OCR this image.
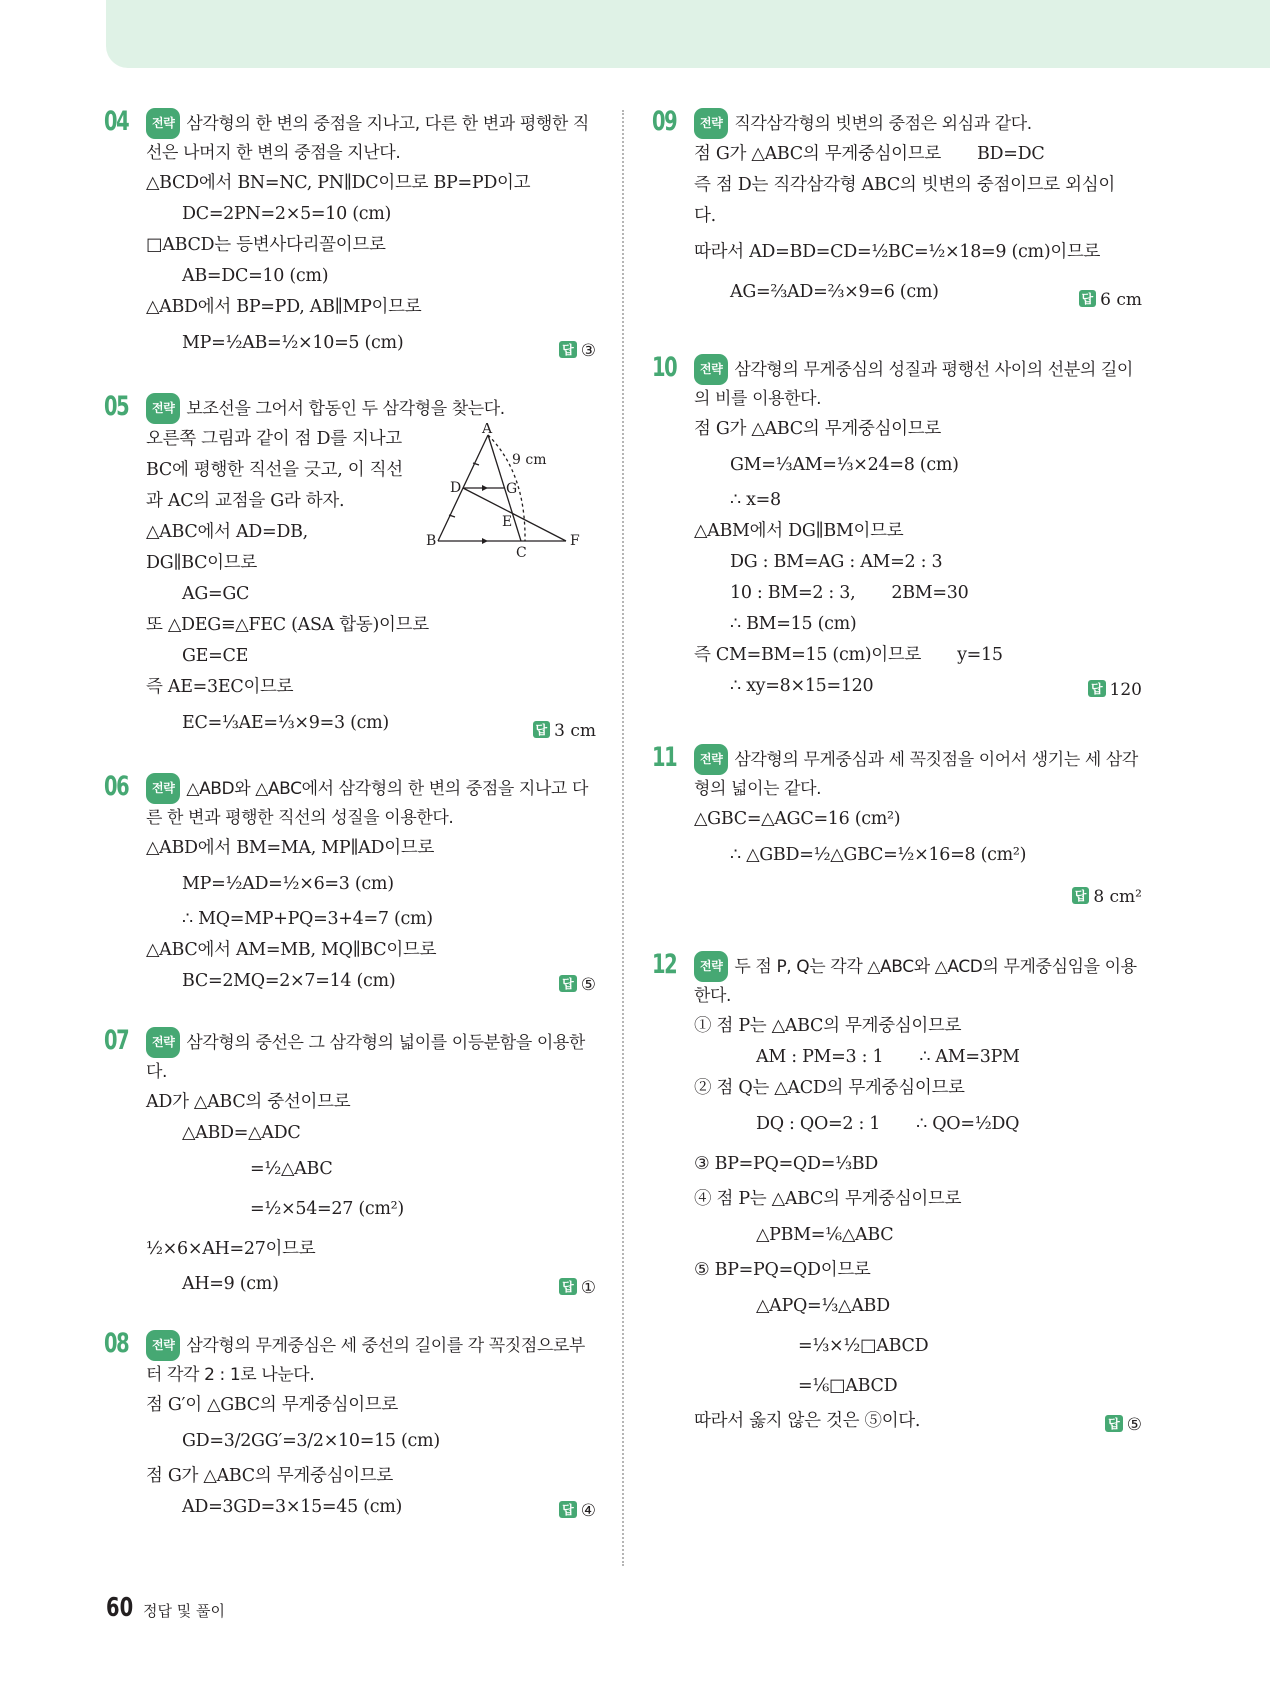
04	전략 삼각형의 한 변의 중점을 지나고, 다른 한 변과 평행한 직선은 나머지 한 변의 중점을 지난다.
△BCD에서 BN=NC, PN∥DC이므로 BP=PD이고
DC=2PN=2×5=10 (cm)
□ABCD는 등변사다리꼴이므로
AB=DC=10 (cm)
△ABD에서 BP=PD, AB∥MP이므로
MP=½AB=½×10=5 (cm)	답 ③
05	전략 보조선을 그어서 합동인 두 삼각형을 찾는다.
A
B
C
D
E
F
G
9 cm
오른쪽 그림과 같이 점 D를 지나고
BC에 평행한 직선을 긋고, 이 직선
과 AC의 교점을 G라 하자.
△ABC에서 AD=DB,
DG∥BC이므로
AG=GC
또 △DEG≡△FEC (ASA 합동)이므로
GE=CE
즉 AE=3EC이므로
EC=⅓AE=⅓×9=3 (cm)	답 3 cm
06	전략 △ABD와 △ABC에서 삼각형의 한 변의 중점을 지나고 다른 한 변과 평행한 직선의 성질을 이용한다.
△ABD에서 BM=MA, MP∥AD이므로
MP=½AD=½×6=3 (cm)
∴ MQ=MP+PQ=3+4=7 (cm)
△ABC에서 AM=MB, MQ∥BC이므로
BC=2MQ=2×7=14 (cm)	답 ⑤
07	전략 삼각형의 중선은 그 삼각형의 넓이를 이등분함을 이용한다.
AD가 △ABC의 중선이므로
△ABD=△ADC
=½△ABC
=½×54=27 (cm²)
½×6×AH=27이므로
AH=9 (cm)	답 ①
08	전략 삼각형의 무게중심은 세 중선의 길이를 각 꼭짓점으로부터 각각 2 : 1로 나눈다.
점 G′이 △GBC의 무게중심이므로
GD=3/2GG′=3/2×10=15 (cm)
점 G가 △ABC의 무게중심이므로
AD=3GD=3×15=45 (cm)	답 ④
09	전략 직각삼각형의 빗변의 중점은 외심과 같다.
점 G가 △ABC의 무게중심이므로 BD=DC
즉 점 D는 직각삼각형 ABC의 빗변의 중점이므로 외심이
다.
따라서 AD=BD=CD=½BC=½×18=9 (cm)이므로
AG=⅔AD=⅔×9=6 (cm)	답 6 cm
10	전략 삼각형의 무게중심의 성질과 평행선 사이의 선분의 길이의 비를 이용한다.
점 G가 △ABC의 무게중심이므로
GM=⅓AM=⅓×24=8 (cm)
∴ x=8
△ABM에서 DG∥BM이므로
DG : BM=AG : AM=2 : 3
10 : BM=2 : 3, 2BM=30
∴ BM=15 (cm)
즉 CM=BM=15 (cm)이므로 y=15
∴ xy=8×15=120	답 120
11	전략 삼각형의 무게중심과 세 꼭짓점을 이어서 생기는 세 삼각형의 넓이는 같다.
△GBC=△AGC=16 (cm²)
∴ △GBD=½△GBC=½×16=8 (cm²)
답 8 cm²
12	전략 두 점 P, Q는 각각 △ABC와 △ACD의 무게중심임을 이용한다.
① 점 P는 △ABC의 무게중심이므로
AM : PM=3 : 1 ∴ AM=3PM
② 점 Q는 △ACD의 무게중심이므로
DQ : QO=2 : 1 ∴ QO=½DQ
③ BP=PQ=QD=⅓BD
④ 점 P는 △ABC의 무게중심이므로
△PBM=⅙△ABC
⑤ BP=PQ=QD이므로
△APQ=⅓△ABD
=⅓×½□ABCD
=⅙□ABCD
따라서 옳지 않은 것은 ⑤이다.	답 ⑤
60 정답 및 풀이
